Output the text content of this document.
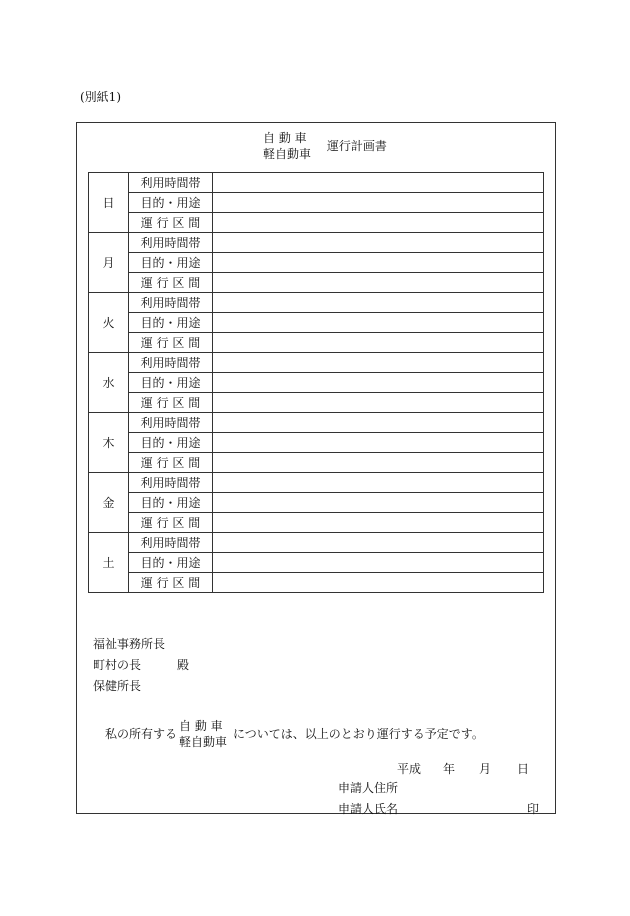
(別紙1)
自 動 車
軽自動車
運行計画書
日	利用時間帯	
	目的・用途	
	運 行 区 間	
月	利用時間帯	
	目的・用途	
	運 行 区 間	
火	利用時間帯	
	目的・用途	
	運 行 区 間	
水	利用時間帯	
	目的・用途	
	運 行 区 間	
木	利用時間帯	
	目的・用途	
	運 行 区 間	
金	利用時間帯	
	目的・用途	
	運 行 区 間	
土	利用時間帯	
	目的・用途	
	運 行 区 間	
福祉事務所長
町村の長
保健所長
殿
私の所有する
自 動 車
軽自動車
については、以上のとおり運行する予定です。
平成 年 月 日
申請人住所
申請人氏名	印
